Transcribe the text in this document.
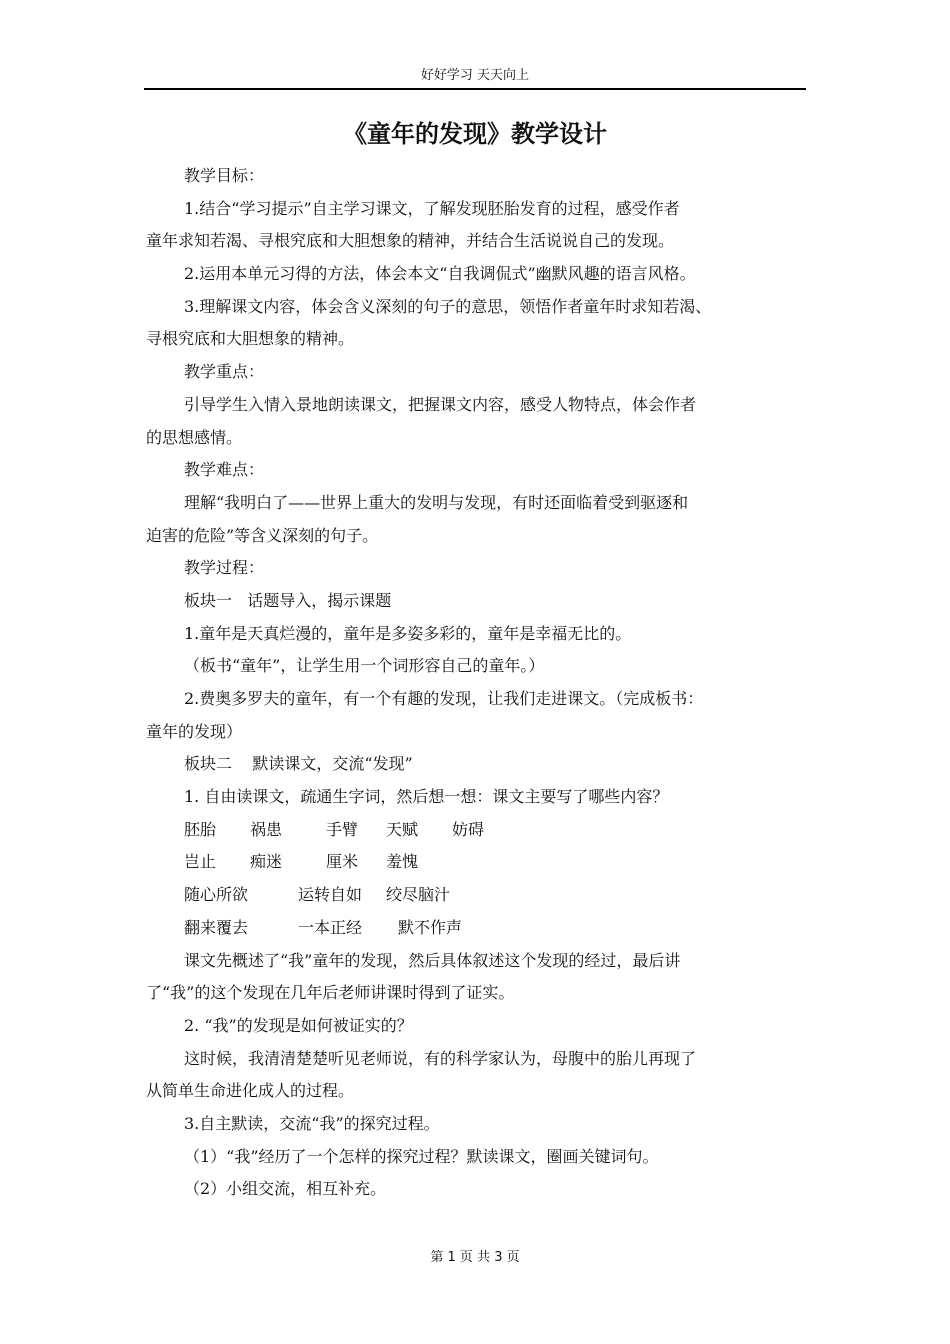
好好学习 天天向上
《童年的发现》教学设计
教学目标：
1.结合“学习提示”自主学习课文，了解发现胚胎发育的过程，感受作者
童年求知若渴、寻根究底和大胆想象的精神，并结合生活说说自己的发现。
2.运用本单元习得的方法，体会本文“自我调侃式”幽默风趣的语言风格。
3.理解课文内容，体会含义深刻的句子的意思，领悟作者童年时求知若渴、
寻根究底和大胆想象的精神。
教学重点：
引导学生入情入景地朗读课文，把握课文内容，感受人物特点，体会作者
的思想感情。
教学难点：
理解“我明白了——世界上重大的发明与发现，有时还面临着受到驱逐和
迫害的危险”等含义深刻的句子。
教学过程：
板块一   话题导入，揭示课题
1.童年是天真烂漫的，童年是多姿多彩的，童年是幸福无比的。
（板书“童年”，让学生用一个词形容自己的童年。）
2.费奥多罗夫的童年，有一个有趣的发现，让我们走进课文。（完成板书：
童年的发现）
板块二    默读课文，交流“发现”
1. 自由读课文，疏通生字词，然后想一想：课文主要写了哪些内容？
胚胎 祸患	手臂 天赋 妨碍
岂止 痴迷	厘米 羞愧
随心所欲	运转自如 绞尽脑汁
翻来覆去	一本正经 默不作声
课文先概述了“我”童年的发现，然后具体叙述这个发现的经过，最后讲
了“我”的这个发现在几年后老师讲课时得到了证实。
2. “我”的发现是如何被证实的？
这时候，我清清楚楚听见老师说，有的科学家认为，母腹中的胎儿再现了
从简单生命进化成人的过程。
3.自主默读，交流“我”的探究过程。
（1）“我”经历了一个怎样的探究过程？默读课文，圈画关键词句。
（2）小组交流，相互补充。
第 1 页 共 3 页
